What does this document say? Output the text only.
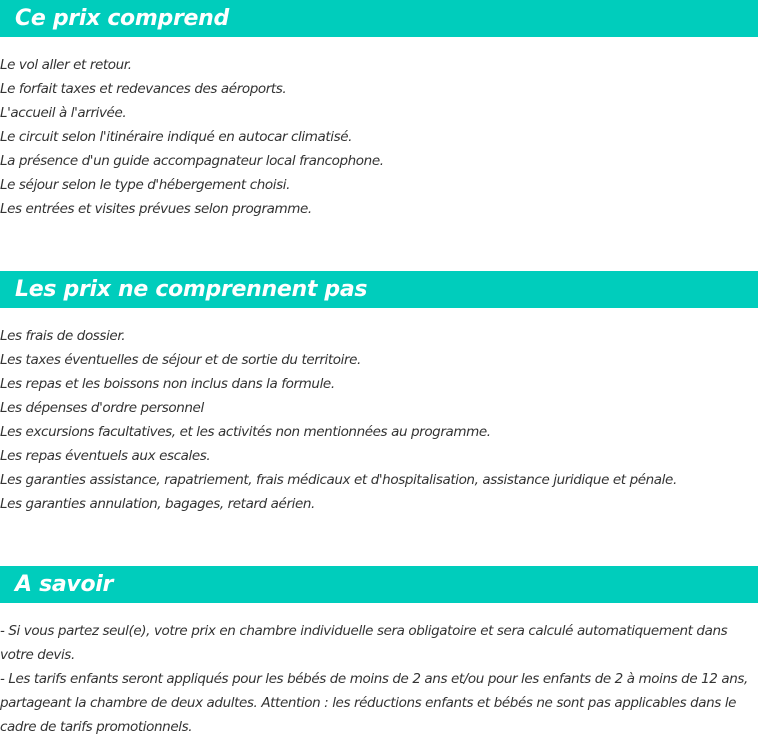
Ce prix comprend

Le vol aller et retour.

Le forfait taxes et redevances des aéroports.

L'accueil à l'arrivée.

Le circuit selon l'itinéraire indiqué en autocar climatisé.

La présence d'un guide accompagnateur local francophone.

Le séjour selon le type d'hébergement choisi.

Les entrées et visites prévues selon programme.

Les prix ne comprennent pas

Les frais de dossier.

Les taxes éventuelles de séjour et de sortie du territoire.

Les repas et les boissons non inclus dans la formule.

Les dépenses d'ordre personnel

Les excursions facultatives, et les activités non mentionnées au programme.

Les repas éventuels aux escales.

Les garanties assistance, rapatriement, frais médicaux et d'hospitalisation, assistance juridique et pénale.

Les garanties annulation, bagages, retard aérien.

A savoir

- Si vous partez seul(e), votre prix en chambre individuelle sera obligatoire et sera calculé automatiquement dans votre devis.

- Les tarifs enfants seront appliqués pour les bébés de moins de 2 ans et/ou pour les enfants de 2 à moins de 12 ans, partageant la chambre de deux adultes. Attention : les réductions enfants et bébés ne sont pas applicables dans le cadre de tarifs promotionnels.
